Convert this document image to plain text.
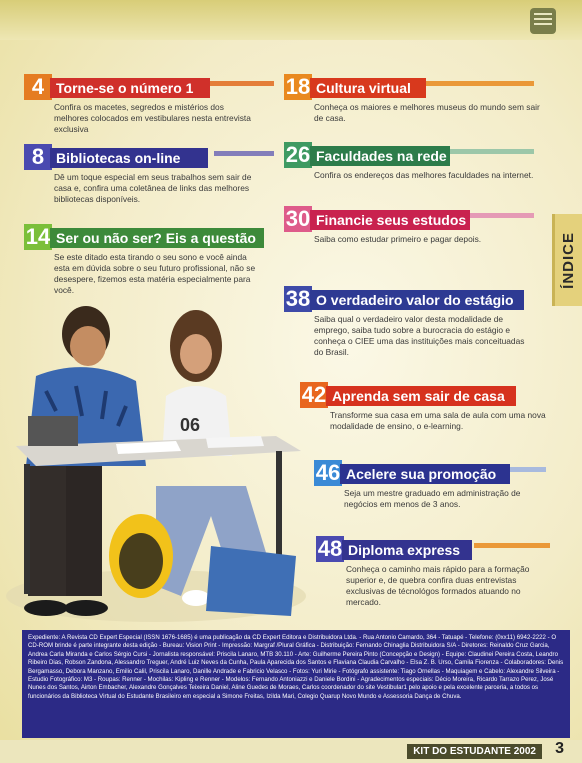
ÍNDICE
4 Torne-se o número 1
Confira os macetes, segredos e mistérios dos melhores colocados em vestibulares nesta entrevista exclusiva
8 Bibliotecas on-line
Dê um toque especial em seus trabalhos sem sair de casa e, confira uma coletânea de links das melhores bibliotecas disponíveis.
14 Ser ou não ser? Eis a questão
Se este ditado esta tirando o seu sono e você ainda esta em dúvida sobre o seu futuro profissional, não se desespere, fizemos esta matéria especialmente para você.
18 Cultura virtual
Conheça os maiores e melhores museus do mundo sem sair de casa.
26 Faculdades na rede
Confira os endereços das melhores faculdades na internet.
30 Financie seus estudos
Saiba como estudar primeiro e pagar depois.
38 O verdadeiro valor do estágio
Saiba qual o verdadeiro valor desta modalidade de emprego, saiba tudo sobre a burocracia do estágio e conheça o CIEE uma das instituições mais conceituadas do Brasil.
42 Aprenda sem sair de casa
Transforme sua casa em uma sala de aula com uma nova modalidade de ensino, o e-learning.
46 Acelere sua promoção
Seja um mestre graduado em administração de negócios em menos de 3 anos.
48 Diploma express
Conheça o caminho mais rápido para a formação superior e, de quebra confira duas entrevistas exclusivas de técnológos formados atuando no mercado.
06
Expediente: A Revista CD Expert Especial (ISSN 1676-1685) é uma publicação da CD Expert Editora e Distribuidora Ltda. - Rua Antonio Camardo, 364 - Tatuapé - Telefone: (0xx11) 6942-2222 - O CD-ROM brinde é parte integrante desta edição - Bureau: Vision Print - Impressão: Margraf /Plural Gráfica - Distribuição: Fernando Chinaglia Distribuidora S/A - Diretores: Reinaldo Cruz Garcia, Andrea Carla Miranda e Carlos Sérgio Cursi - Jornalista responsável: Priscila Lanaro, MTB 30.110 - Arte: Guilherme Pereira Pinto (Concepção e Design) - Equipe: Claudinei Pereira Costa, Leandro Ribeiro Dias, Robson Zandona, Alessandro Treguer, André Luiz Neves da Cunha, Paula Aparecida dos Santos e Flaviana Claudia Carvalho - Elsa Z. B. Urso, Camila Fiorenza - Colaboradores: Denis Bergamasso, Debora Manzano, Emilio Calil, Priscila Lanaro, Danille Andrade e Fabricio Velasco - Fotos: Yuri Mirie - Fotógrafo assistente: Tiago Ornellas - Maquiagem e Cabelo: Alexandre Silveira - Estudio Fotográfico: M3 - Roupas: Renner - Mochilas: Kipling e Renner - Modelos: Fernando Antoniazzi e Daniele Bordini - Agradecimentos especiais: Décio Moreira, Ricardo Tarrazo Perez, José Nunes dos Santos, Airton Embacher, Alexandre Gonçalves Teixeira Daniel, Aline Guedes de Moraes, Carlos coordenador do site Vestibular1 pelo apoio e pela excelente parceria, a todos os funcionários da Biblioteca Virtual do Estudante Brasileiro em especial a Simone Freitas, Izilda Mari, Colegio Quarup Novo Mundo e Assessoria Dança de Chuva.
KIT DO ESTUDANTE 2002	3
